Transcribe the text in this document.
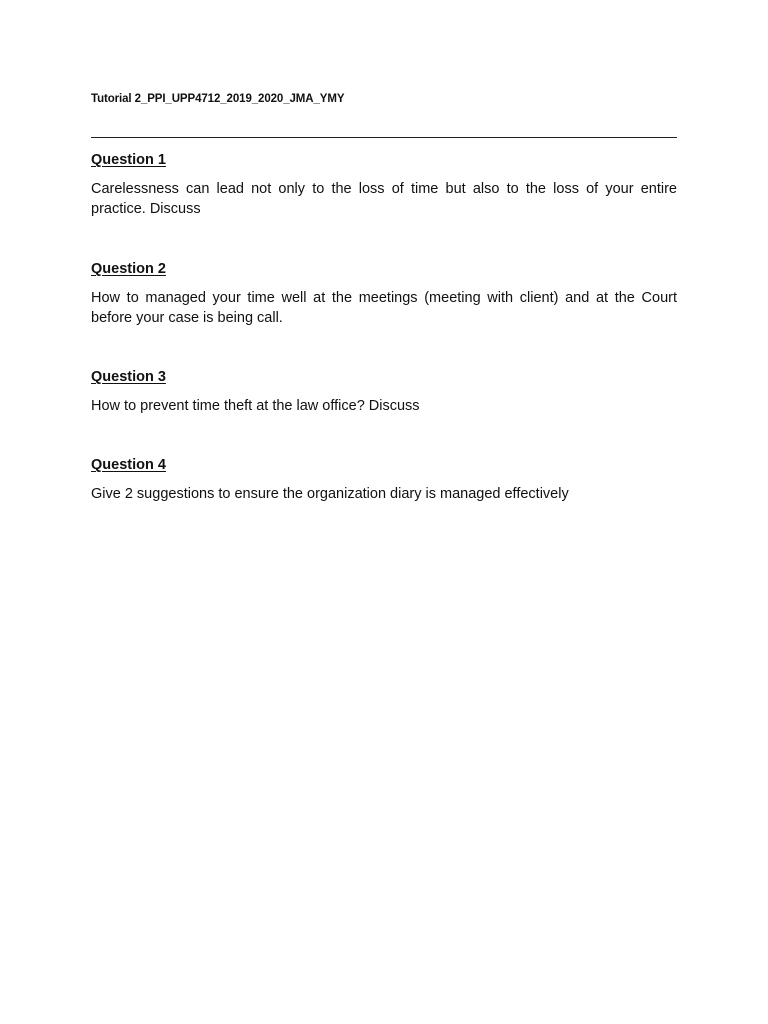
Tutorial 2_PPI_UPP4712_2019_2020_JMA_YMY

Question 1

Carelessness can lead not only to the loss of time but also to the loss of your entire practice. Discuss

Question 2

How to managed your time well at the meetings (meeting with client) and at the Court before your case is being call.

Question 3

How to prevent time theft at the law office? Discuss

Question 4

Give 2 suggestions to ensure the organization diary is managed effectively
